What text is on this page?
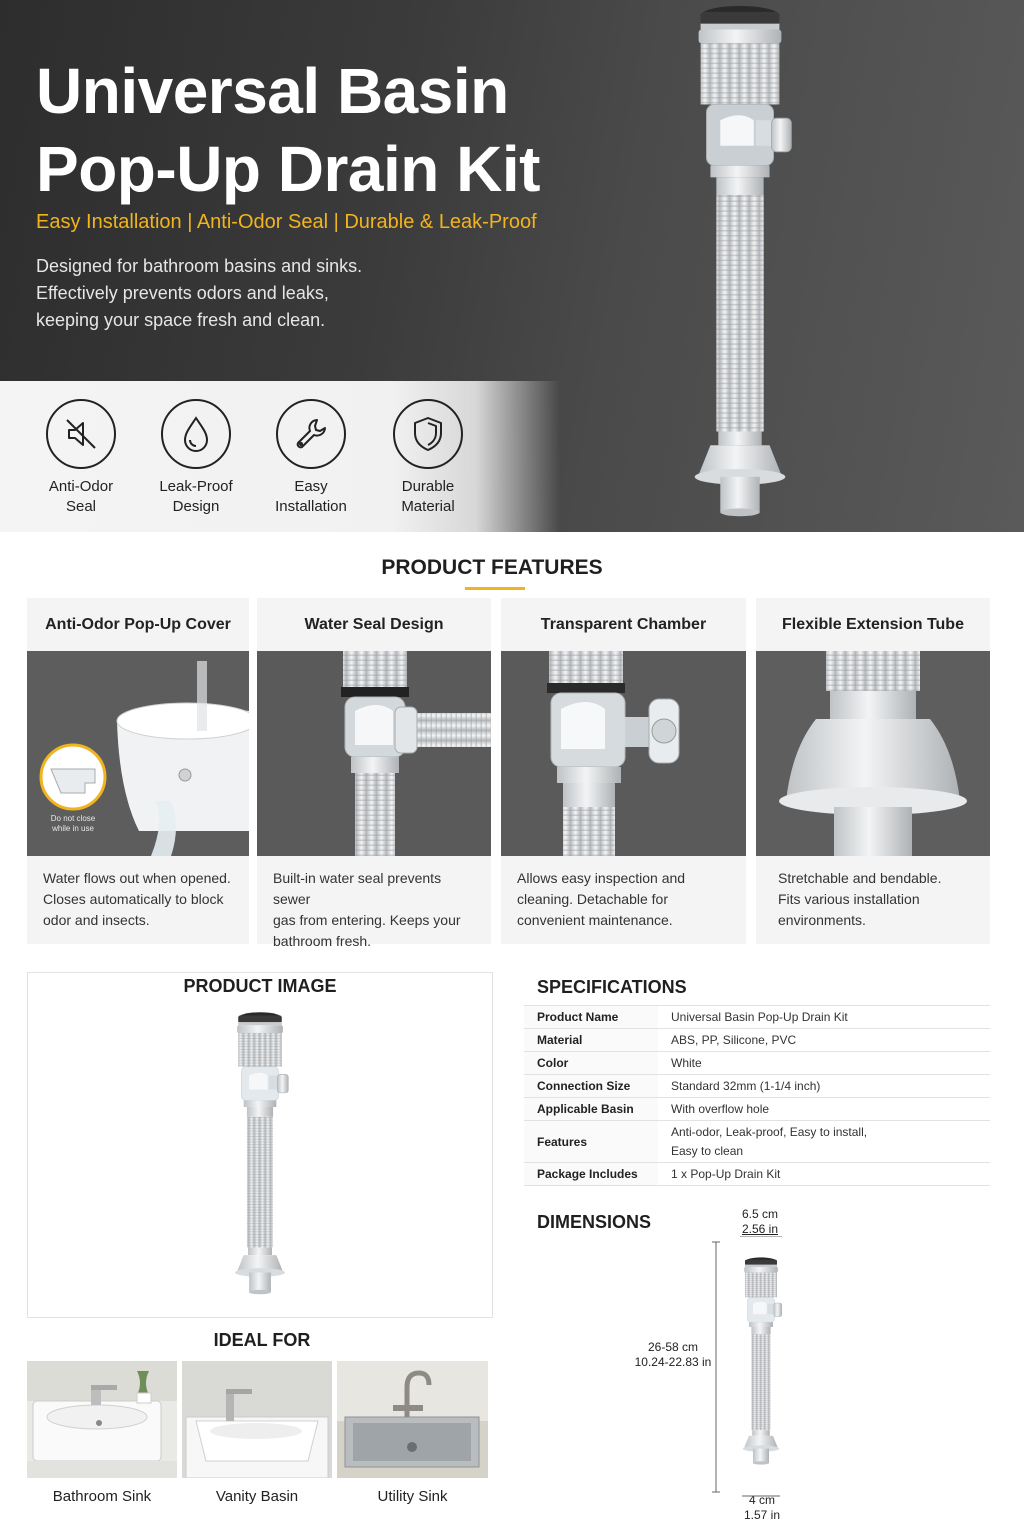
Universal Basin
Pop-Up Drain Kit
Easy Installation | Anti-Odor Seal | Durable & Leak-Proof
Designed for bathroom basins and sinks.
Effectively prevents odors and leaks,
keeping your space fresh and clean.
Anti-Odor
Seal
Leak-Proof
Design
Easy
Installation
Durable
Material
PRODUCT FEATURES
Anti-Odor Pop-Up Cover
Do not close
while in use
Water flows out when opened.
Closes automatically to block
odor and insects.
Water Seal Design
Built-in water seal prevents sewer
gas from entering. Keeps your
bathroom fresh.
Transparent Chamber
Allows easy inspection and
cleaning. Detachable for
convenient maintenance.
Flexible Extension Tube
Stretchable and bendable.
Fits various installation
environments.
PRODUCT IMAGE	SPECIFICATIONS
Product Name	Universal Basin Pop-Up Drain Kit
Material	ABS, PP, Silicone, PVC
Color	White
Connection Size	Standard 32mm (1-1/4 inch)
Applicable Basin	With overflow hole
Features	Anti-odor, Leak-proof, Easy to install,
Easy to clean

Package Includes	1 x Pop-Up Drain Kit
DIMENSIONS	6.5 cm
2.56 in
26-58 cm
10.24-22.83 in
4 cm
1.57 in
IDEAL FOR
Bathroom Sink	Vanity Basin	Utility Sink
